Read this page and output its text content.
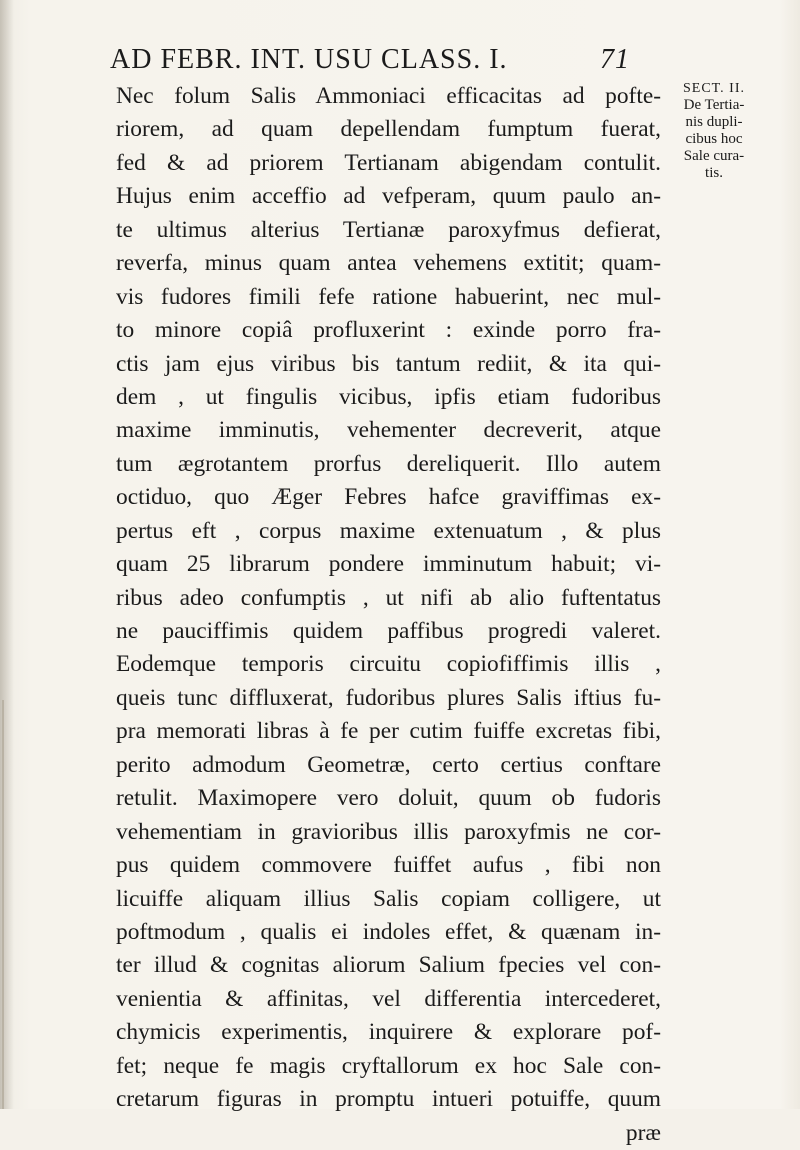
AD FEBR. INT. USU CLASS. I.	71
SECT. II.
De Tertia-
nis dupli-
cibus hoc
Sale cura-
tis.
Nec folum Salis Ammoniaci efficacitas ad pofte-
riorem, ad quam depellendam fumptum fuerat,
fed & ad priorem Tertianam abigendam contulit.
Hujus enim acceffio ad vefperam, quum paulo an-
te ultimus alterius Tertianæ paroxyfmus defierat,
reverfa, minus quam antea vehemens extitit; quam-
vis fudores fimili fefe ratione habuerint, nec mul-
to minore copiâ profluxerint : exinde porro fra-
ctis jam ejus viribus bis tantum rediit, & ita qui-
dem , ut fingulis vicibus, ipfis etiam fudoribus
maxime imminutis, vehementer decreverit, atque
tum ægrotantem prorfus dereliquerit. Illo autem
octiduo, quo Æger Febres hafce graviffimas ex-
pertus eft , corpus maxime extenuatum , & plus
quam 25 librarum pondere imminutum habuit; vi-
ribus adeo confumptis , ut nifi ab alio fuftentatus
ne pauciffimis quidem paffibus progredi valeret.
Eodemque temporis circuitu copiofiffimis illis ,
queis tunc diffluxerat, fudoribus plures Salis iftius fu-
pra memorati libras à fe per cutim fuiffe excretas fibi,
perito admodum Geometræ, certo certius conftare
retulit. Maximopere vero doluit, quum ob fudoris
vehementiam in gravioribus illis paroxyfmis ne cor-
pus quidem commovere fuiffet aufus , fibi non
licuiffe aliquam illius Salis copiam colligere, ut
poftmodum , qualis ei indoles effet, & quænam in-
ter illud & cognitas aliorum Salium fpecies vel con-
venientia & affinitas, vel differentia intercederet,
chymicis experimentis, inquirere & explorare pof-
fet; neque fe magis cryftallorum ex hoc Sale con-
cretarum figuras in promptu intueri potuiffe, quum
præ
